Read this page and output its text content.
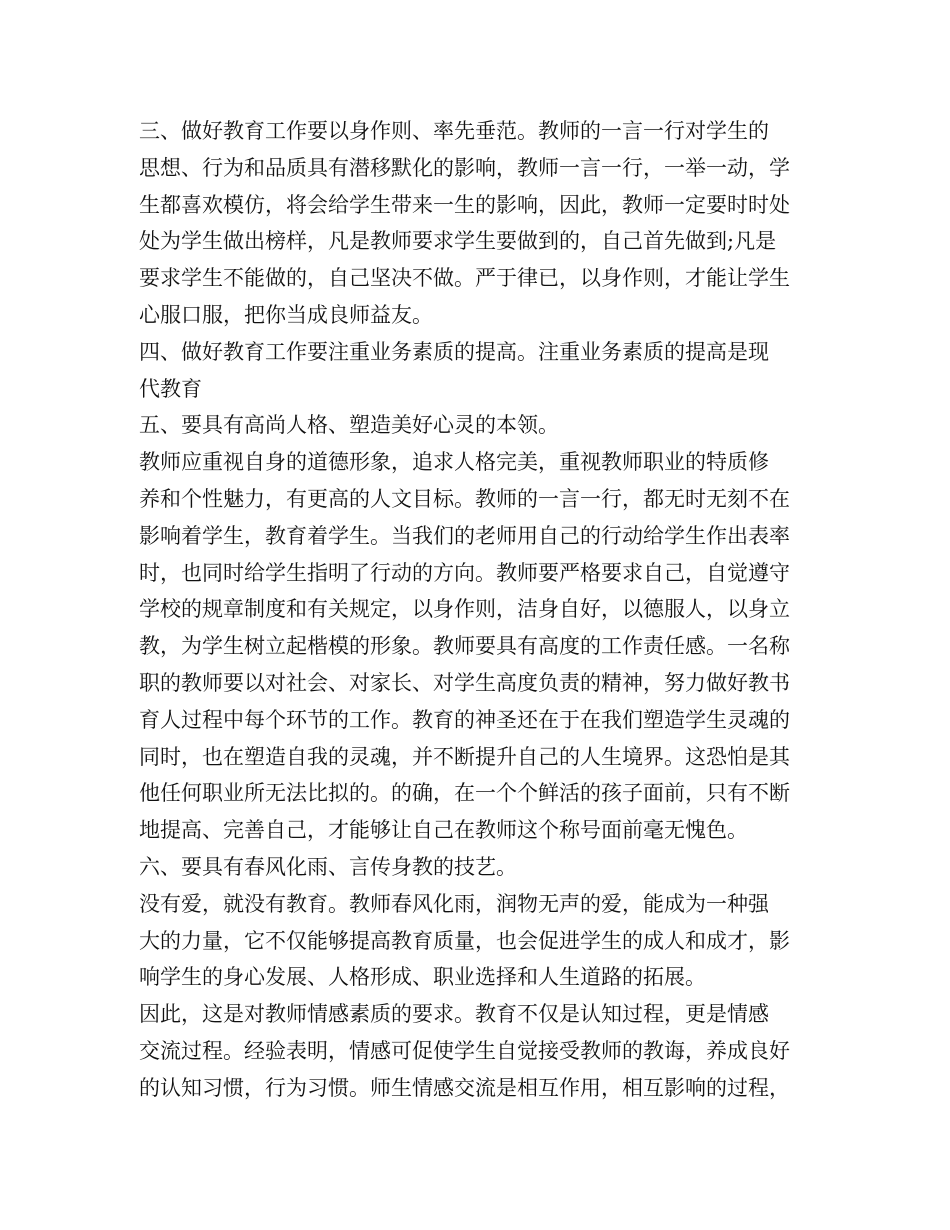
三、做好教育工作要以身作则、率先垂范。教师的一言一行对学生的
思想、行为和品质具有潜移默化的影响，教师一言一行，一举一动，学
生都喜欢模仿，将会给学生带来一生的影响，因此，教师一定要时时处
处为学生做出榜样，凡是教师要求学生要做到的，自己首先做到;凡是
要求学生不能做的，自己坚决不做。严于律已，以身作则，才能让学生
心服口服，把你当成良师益友。
四、做好教育工作要注重业务素质的提高。注重业务素质的提高是现
代教育
五、要具有高尚人格、塑造美好心灵的本领。
教师应重视自身的道德形象，追求人格完美，重视教师职业的特质修
养和个性魅力，有更高的人文目标。教师的一言一行，都无时无刻不在
影响着学生，教育着学生。当我们的老师用自己的行动给学生作出表率
时，也同时给学生指明了行动的方向。教师要严格要求自己，自觉遵守
学校的规章制度和有关规定，以身作则，洁身自好，以德服人，以身立
教，为学生树立起楷模的形象。教师要具有高度的工作责任感。一名称
职的教师要以对社会、对家长、对学生高度负责的精神，努力做好教书
育人过程中每个环节的工作。教育的神圣还在于在我们塑造学生灵魂的
同时，也在塑造自我的灵魂，并不断提升自己的人生境界。这恐怕是其
他任何职业所无法比拟的。的确，在一个个鲜活的孩子面前，只有不断
地提高、完善自己，才能够让自己在教师这个称号面前毫无愧色。
六、要具有春风化雨、言传身教的技艺。
没有爱，就没有教育。教师春风化雨，润物无声的爱，能成为一种强
大的力量，它不仅能够提高教育质量，也会促进学生的成人和成才，影
响学生的身心发展、人格形成、职业选择和人生道路的拓展。
因此，这是对教师情感素质的要求。教育不仅是认知过程，更是情感
交流过程。经验表明，情感可促使学生自觉接受教师的教诲，养成良好
的认知习惯，行为习惯。师生情感交流是相互作用，相互影响的过程，
